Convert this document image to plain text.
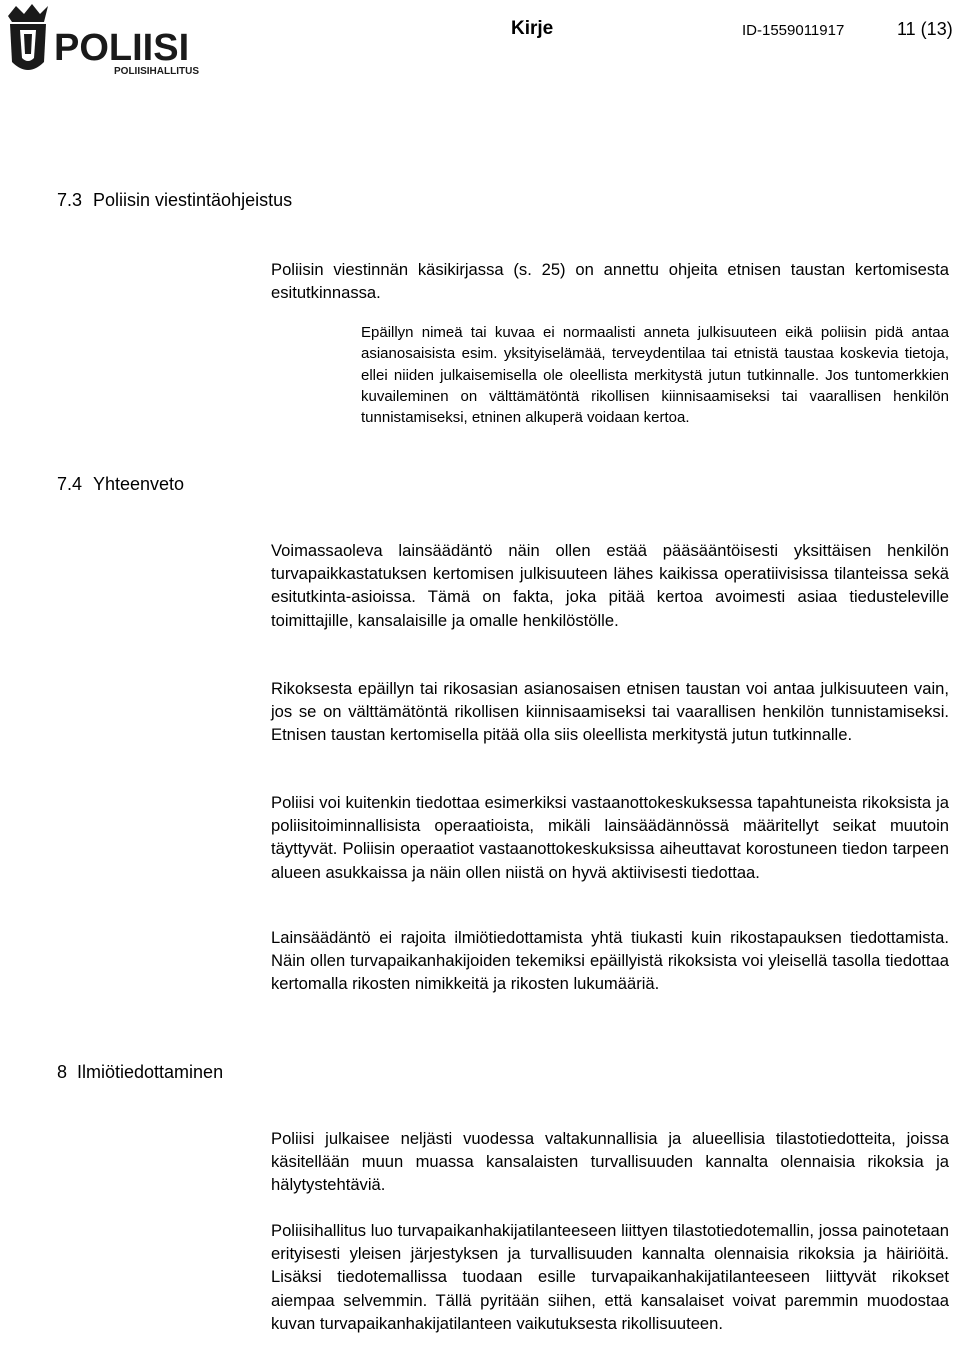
POLIISI
POLIISIHALLITUS
Kirje	ID-1559011917	11 (13)
7.3 Poliisin viestintäohjeistus
Poliisin viestinnän käsikirjassa (s. 25) on annettu ohjeita etnisen taustan kertomisesta esitutkinnassa.
Epäillyn nimeä tai kuvaa ei normaalisti anneta julkisuuteen eikä poliisin pidä antaa asianosaisista esim. yksityiselämää, terveydentilaa tai etnistä taustaa koskevia tietoja, ellei niiden julkaisemisella ole oleellista merkitystä jutun tutkinnalle. Jos tuntomerkkien kuvaileminen on välttämätöntä rikollisen kiinnisaamiseksi tai vaarallisen henkilön tunnistamiseksi, etninen alkuperä voidaan kertoa.
7.4 Yhteenveto
Voimassaoleva lainsäädäntö näin ollen estää pääsääntöisesti yksittäisen henkilön turvapaikkastatuksen kertomisen julkisuuteen lähes kaikissa operatiivisissa tilanteissa sekä esitutkinta-asioissa. Tämä on fakta, joka pitää kertoa avoimesti asiaa tiedusteleville toimittajille, kansalaisille ja omalle henkilöstölle.
Rikoksesta epäillyn tai rikosasian asianosaisen etnisen taustan voi antaa julkisuuteen vain, jos se on välttämätöntä rikollisen kiinnisaamiseksi tai vaarallisen henkilön tunnistamiseksi. Etnisen taustan kertomisella pitää olla siis oleellista merkitystä jutun tutkinnalle.
Poliisi voi kuitenkin tiedottaa esimerkiksi vastaanottokeskuksessa tapahtuneista rikoksista ja poliisitoiminnallisista operaatioista, mikäli lainsäädännössä määritellyt seikat muutoin täyttyvät. Poliisin operaatiot vastaanottokeskuksissa aiheuttavat korostuneen tiedon tarpeen alueen asukkaissa ja näin ollen niistä on hyvä aktiivisesti tiedottaa.
Lainsäädäntö ei rajoita ilmiötiedottamista yhtä tiukasti kuin rikostapauksen tiedottamista. Näin ollen turvapaikanhakijoiden tekemiksi epäillyistä rikoksista voi yleisellä tasolla tiedottaa kertomalla rikosten nimikkeitä ja rikosten lukumääriä.
8 Ilmiötiedottaminen
Poliisi julkaisee neljästi vuodessa valtakunnallisia ja alueellisia tilastotiedotteita, joissa käsitellään muun muassa kansalaisten turvallisuuden kannalta olennaisia rikoksia ja hälytystehtäviä.
Poliisihallitus luo turvapaikanhakijatilanteeseen liittyen tilastotiedotemallin, jossa painotetaan erityisesti yleisen järjestyksen ja turvallisuuden kannalta olennaisia rikoksia ja häiriöitä. Lisäksi tiedotemallissa tuodaan esille turvapaikanhakijatilanteeseen liittyvät rikokset aiempaa selvemmin. Tällä pyritään siihen, että kansalaiset voivat paremmin muodostaa kuvan turvapaikanhakijatilanteen vaikutuksesta rikollisuuteen.
